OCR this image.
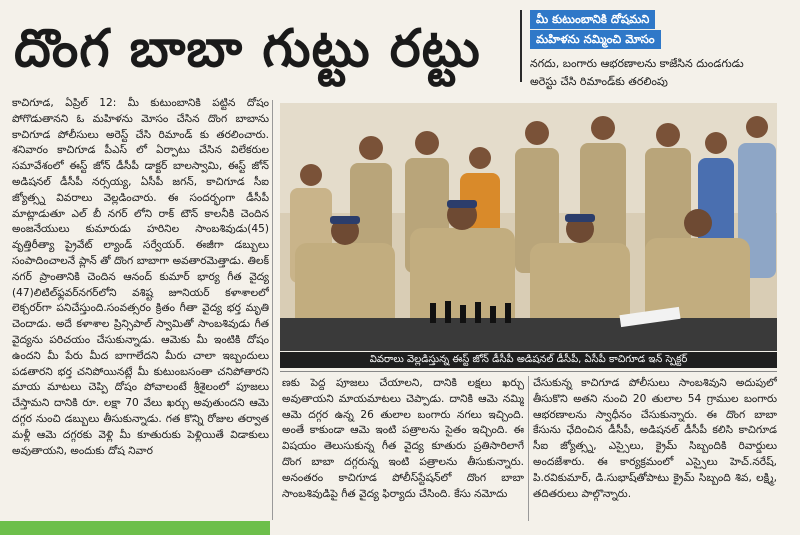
దొంగ బాబా గుట్టు రట్టు	మీ కుటుంబానికి దోషమని
మహిళను నమ్మించి మోసం
నగదు, బంగారు ఆభరణాలను కాజేసిన దుండగుడు
అరెస్టు చేసి రిమాండ్‌కు తరలింపు

కాచిగూడ, ఏప్రిల్‌ 12: మీ కుటుంబానికి పట్టిన దోషం పోగొడుతానని ఓ మహిళను మోసం చేసిన దొంగ బాబాను కాచిగూడ పోలీసులు అరెస్ట్‌ చేసి రిమాండ్‌ కు తరలించారు. శనివారం కాచిగూడ పీఎస్‌ లో ఏర్పాటు చేసిన విలేకరుల సమావేశంలో ఈస్ట్‌ జోన్‌ డీసీపీ డాక్టర్‌ బాలస్వామి, ఈస్ట్‌ జోన్‌ అడిషనల్‌ డీసీపీ నర్సయ్య, ఏసీపీ జగన్‌, కాచిగూడ సీఐ జ్యోత్స్న వివరాలు వెల్లడించారు. ఈ సందర్భంగా డీసీపీ మాట్లాడుతూ ఎల్‌ బీ నగర్‌ లోని రాక్‌ టౌన్‌ కాలనీకి చెందిన అంజనేయులు కుమారుడు హరినిల సాంబశివుడు(45) వృత్తిరీత్యా ప్రైవేట్‌ ల్యాండ్‌ సర్వేయర్‌. ఈజీగా డబ్బులు సంపాదించాలనే ప్లాన్‌ తో దొంగ బాబాగా అవతారమెత్తాడు. తిలక్‌ నగర్‌ ప్రాంతానికి చెందిన ఆనంద్‌ కుమార్‌ భార్య గీత వైద్య (47)లిటిల్‌ఫ్లవర్‌నగర్‌లోని వశిష్ట జూనియర్‌ కళాశాలలో లెక్చరర్‌గా పనిచేస్తుంది.సంవత్సరం క్రితం గీతా వైద్య భర్త మృతి చెందాడు. అదే కళాశాల ప్రిన్సిపాల్‌ స్వామితో సాంబశివుడు గీత వైద్యను పరిచయం చేసుకున్నాడు. ఆమెకు మీ ఇంటికి దోషం ఉందని మీ పేరు మీద బాగాలేదని మీరు చాలా ఇబ్బందులు పడతారని భర్త చనిపోయినట్లే మీ కుటుంబసంతా చనిపోతారని మాయ మాటలు చెప్పి దోషం పోవాలంటే శ్రీశైలంలో పూజలు చేస్తామని దానికి రూ. లక్షా 70 వేలు ఖర్చు అవుతుందని ఆమె దగ్గర నుంచి డబ్బులు తీసుకున్నాడు. గత కొన్ని రోజుల తర్వాత మళ్లీ ఆమె దగ్గరకు వెళ్లి మీ కూతురుకు పెళ్లియితే విడాకులు అవుతాయని, అందుకు దోష నివార

వివరాలు వెల్లడిస్తున్న ఈస్ట్‌ జోన్‌ డీసీపీ అడిషనల్‌ డీసీపీ, ఏసీపీ కాచిగూడ ఇన్‌ స్పెక్టర్‌

ణకు పెద్ద పూజలు చేయాలని, దానికి లక్షలు ఖర్చు అవుతాయని మాయమాటలు చెప్పాడు. దానికి ఆమె నమ్మి ఆమె దగ్గర ఉన్న 26 తులాల బంగారు నగలు ఇచ్చింది. అంతే కాకుండా ఆమె ఇంటి పత్రాలను సైతం ఇచ్చింది. ఈ విషయం తెలుసుకున్న గీత వైద్య కూతురు ప్రతిసారిలాగే దొంగ బాబా దగ్గరున్న ఇంటి పత్రాలను తీసుకున్నారు. అనంతరం కాచిగూడ పోలీస్‌స్టేషన్‌లో దొంగ బాబా సాంబశివుడిపై గీత వైద్య ఫిర్యాదు చేసింది. కేసు నమోదు

చేసుకున్న కాచిగూడ పోలీసులు సాంబశివుని అదుపులో తీసుకొని అతని నుంచి 20 తులాల 54 గ్రాముల బంగారు ఆభరణాలను స్వాధీనం చేసుకున్నారు. ఈ దొంగ బాబా కేసును ఛేదించిన డీసీపీ, అడిషనల్‌ డీసీపీ కలిసి కాచిగూడ సీఐ జ్యోత్స్న, ఎస్సైలు, క్రైమ్‌ సిబ్బందికి రివార్డులు అందజేశారు. ఈ కార్యక్రమంలో ఎస్సైలు హెచ్‌.నరేష్‌, పి.రవికుమార్‌, డి.సుభాష్‌తోపాటు క్రైమ్‌ సిబ్బంది శివ, లక్ష్మి, తదితరులు పాల్గొన్నారు.
